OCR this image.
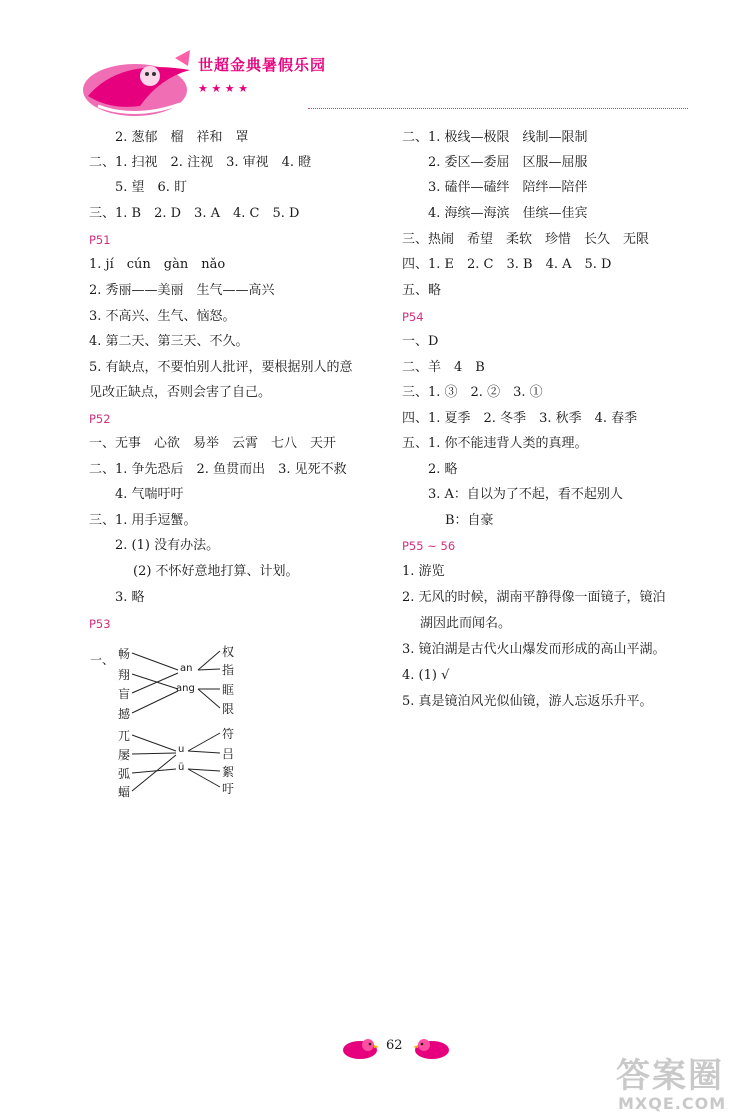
世超金典暑假乐园
★ ★ ★ ★
2. 葱郁　榴　祥和　罩
二、1. 扫视　2. 注视　3. 审视　4. 瞪
5. 望　6. 盯
三、1. B　2. D　3. A　4. C　5. D
P51
1. jí　cún　gàn　nǎo
2. 秀丽——美丽　生气——高兴
3. 不高兴、生气、恼怒。
4. 第二天、第三天、不久。
5. 有缺点，不要怕别人批评，要根据别人的意
见改正缺点，否则会害了自己。
P52
一、无事　心欲　易举　云霄　七八　天开
二、1. 争先恐后　2. 鱼贯而出　3. 见死不救
4. 气喘吁吁
三、1. 用手逗蟹。
2. (1) 没有办法。
(2) 不怀好意地打算、计划。
3. 略
P53
一、 畅
翔
盲
撼
an
ang
权
指
眶
限
兀
屡
弧
蝠
u
ü
符
吕
絮
吁
二、1. 极线—极限　线制—限制
2. 委区—委屈　区服—屈服
3. 磕伴—磕绊　陪绊—陪伴
4. 海缤—海滨　佳缤—佳宾
三、热闹　希望　柔软　珍惜　长久　无限
四、1. E　2. C　3. B　4. A　5. D
五、略
P54
一、D
二、羊　4　B
三、1. ③　2. ②　3. ①
四、1. 夏季　2. 冬季　3. 秋季　4. 春季
五、1. 你不能违背人类的真理。
2. 略
3. A：自以为了不起，看不起别人
B：自豪
P55 ~ 56
1. 游览
2. 无风的时候，湖南平静得像一面镜子，镜泊
湖因此而闻名。
3. 镜泊湖是古代火山爆发而形成的高山平湖。
4. (1) √
5. 真是镜泊风光似仙镜，游人忘返乐升平。
62
答案圈
MXQE.COM
